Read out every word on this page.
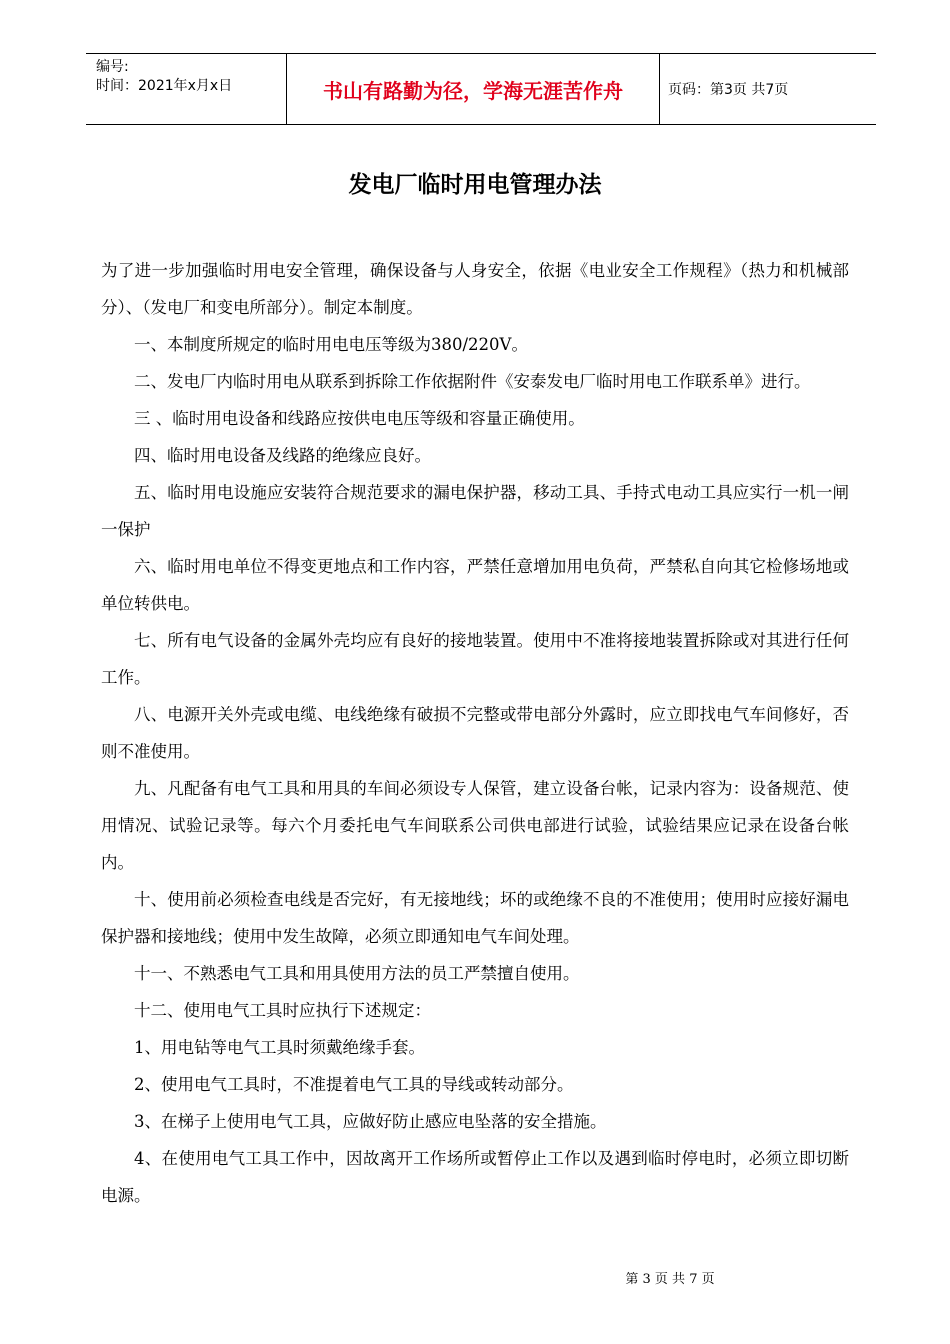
编号:
时间：2021年x月x日	书山有路勤为径，学海无涯苦作舟	页码：第3页 共7页
发电厂临时用电管理办法

为了进一步加强临时用电安全管理，确保设备与人身安全，依据《电业安全工作规程》（热力和机械部分）、（发电厂和变电所部分）。制定本制度。

一、本制度所规定的临时用电电压等级为380/220V。

二、发电厂内临时用电从联系到拆除工作依据附件《安泰发电厂临时用电工作联系单》进行。

三 、临时用电设备和线路应按供电电压等级和容量正确使用。

四、临时用电设备及线路的绝缘应良好。

五、临时用电设施应安装符合规范要求的漏电保护器，移动工具、手持式电动工具应实行一机一闸一保护

六、临时用电单位不得变更地点和工作内容，严禁任意增加用电负荷，严禁私自向其它检修场地或单位转供电。

七、所有电气设备的金属外壳均应有良好的接地装置。使用中不准将接地装置拆除或对其进行任何工作。

八、电源开关外壳或电缆、电线绝缘有破损不完整或带电部分外露时，应立即找电气车间修好，否则不准使用。

九、凡配备有电气工具和用具的车间必须设专人保管，建立设备台帐，记录内容为：设备规范、使用情况、试验记录等。每六个月委托电气车间联系公司供电部进行试验，试验结果应记录在设备台帐内。

十、使用前必须检查电线是否完好，有无接地线；坏的或绝缘不良的不准使用；使用时应接好漏电保护器和接地线；使用中发生故障，必须立即通知电气车间处理。

十一、不熟悉电气工具和用具使用方法的员工严禁擅自使用。

十二、使用电气工具时应执行下述规定：

1、用电钻等电气工具时须戴绝缘手套。

2、使用电气工具时，不准提着电气工具的导线或转动部分。

3、在梯子上使用电气工具，应做好防止感应电坠落的安全措施。

4、在使用电气工具工作中，因故离开工作场所或暂停止工作以及遇到临时停电时，必须立即切断电源。

第 3 页 共 7 页
